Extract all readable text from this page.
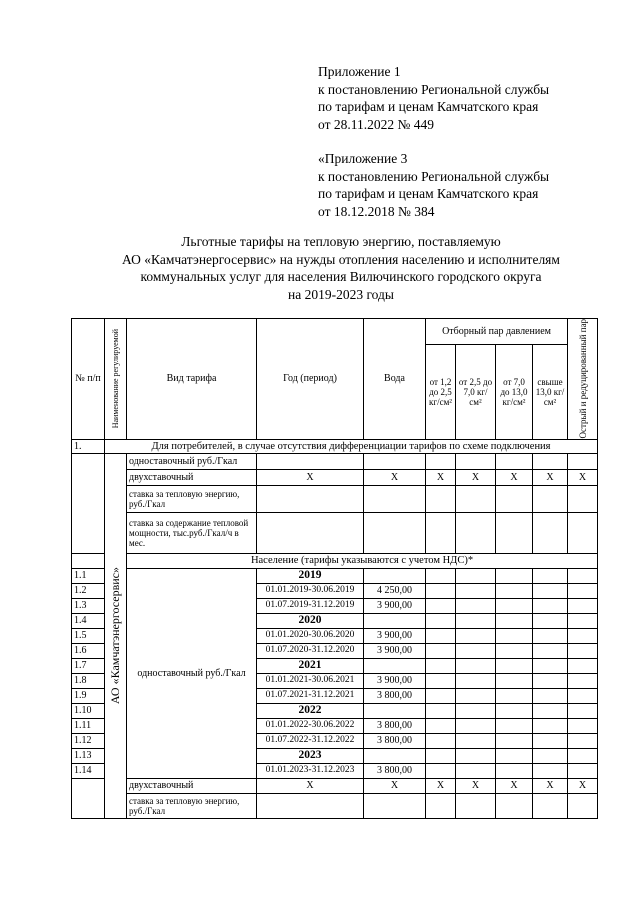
Приложение 1
к постановлению Региональной службы
по тарифам и ценам Камчатского края
от 28.11.2022 № 449
«Приложение 3
к постановлению Региональной службы
по тарифам и ценам Камчатского края
от 18.12.2018 № 384
Льготные тарифы на тепловую энергию, поставляемую
АО «Камчатэнергосервис» на нужды отопления населению и исполнителям
коммунальных услуг для населения Вилючинского городского округа
на 2019-2023 годы
№ п/п	Наименование регулируемой	Вид тарифа	Год (период)	Вода	Отборный пар давлением				Острый и редуцированный пар

					от 1,2 до 2,5 кг/см²	от 2,5 до 7,0 кг/см²	от 7,0 до 13,0 кг/см²	свыше 13,0 кг/см²	
1.	Для потребителей, в случае отсутствия дифференциации тарифов по схеме подключения								

	АО «Камчатэнергосервис»	одноставочный руб./Гкал							
		двухставочный	X	X	X	X	X	X	X
		ставка за тепловую энергию, руб./Гкал							
		ставка за содержание тепловой мощности, тыс.руб./Гкал/ч в мес.							
		Население (тарифы указываются с учетом НДС)*							
1.1		одноставочный руб./Гкал	2019						
1.2			01.01.2019-30.06.2019	4 250,00					
1.3			01.07.2019-31.12.2019	3 900,00					
1.4			2020						
1.5			01.01.2020-30.06.2020	3 900,00					
1.6			01.07.2020-31.12.2020	3 900,00					
1.7			2021						
1.8			01.01.2021-30.06.2021	3 900,00					
1.9			01.07.2021-31.12.2021	3 800,00					
1.10			2022						
1.11			01.01.2022-30.06.2022	3 800,00					
1.12			01.07.2022-31.12.2022	3 800,00					
1.13			2023						
1.14			01.01.2023-31.12.2023	3 800,00					
		двухставочный	X	X	X	X	X	X	X
		ставка за тепловую энергию, руб./Гкал							
